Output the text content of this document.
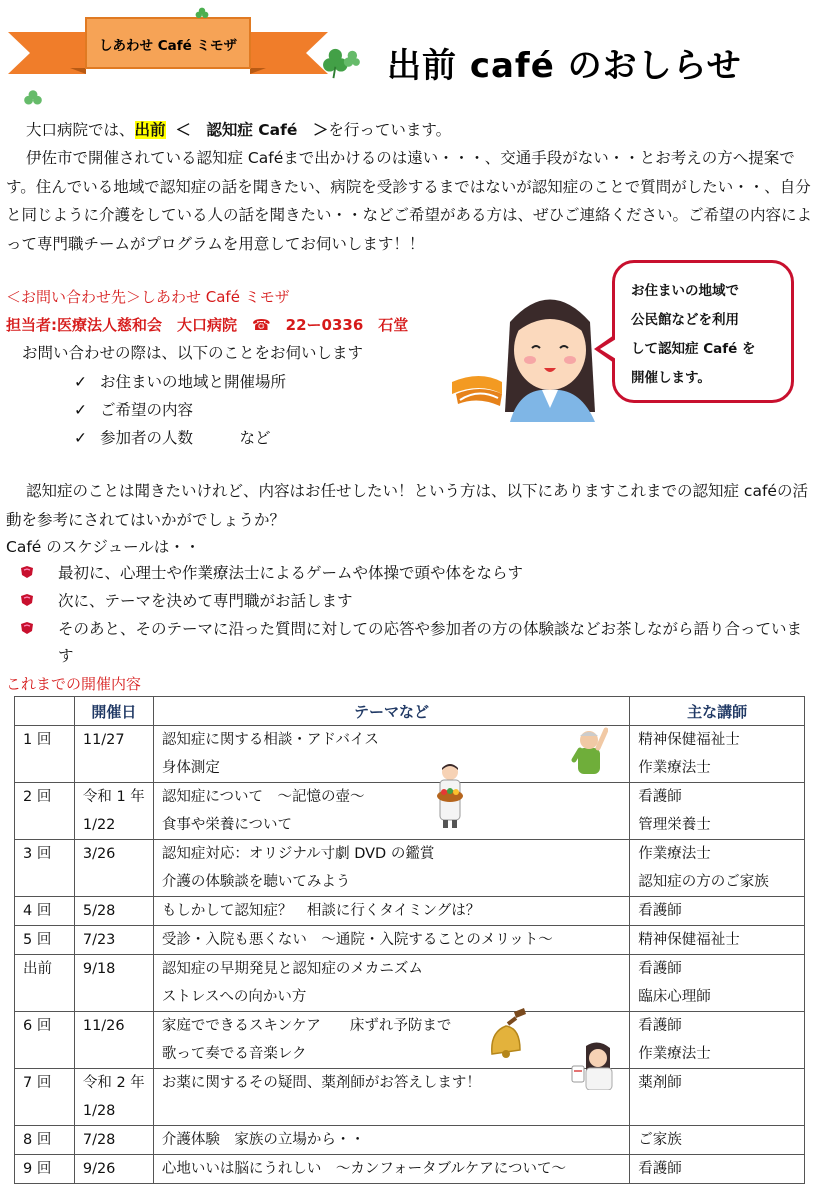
しあわせ Café ミモザ	出前 café のおしらせ
大口病院では、出前 ＜　認知症 Café　＞を行っています。
伊佐市で開催されている認知症 Caféまで出かけるのは遠い・・・、交通手段がない・・とお考えの方へ提案です。住んでいる地域で認知症の話を聞きたい、病院を受診するまではないが認知症のことで質問がしたい・・、自分と同じように介護をしている人の話を聞きたい・・などご希望がある方は、ぜひご連絡ください。ご希望の内容によって専門職チームがプログラムを用意してお伺いします！！
＜お問い合わせ先＞しあわせ Café ミモザ
担当者:医療法人慈和会　大口病院　☎　22ー0336　石堂
お問い合わせの際は、以下のことをお伺いします
✓ お住まいの地域と開催場所
✓ ご希望の内容
✓ 参加者の人数　　　など
お住まいの地域で
公民館などを利用
して認知症 Café を
開催します。
認知症のことは聞きたいけれど、内容はお任せしたい！という方は、以下にありますこれまでの認知症 caféの活動を参考にされてはいかがでしょうか？
Café のスケジュールは・・
最初に、心理士や作業療法士によるゲームや体操で頭や体をならす
次に、テーマを決めて専門職がお話します
そのあと、そのテーマに沿った質問に対しての応答や参加者の方の体験談などお茶しながら語り合っています
これまでの開催内容
	開催日	テーマなど	主な講師

1 回	11/27	認知症に関する相談・アドバイス
身体測定	精神保健福祉士
作業療法士

2 回	令和 1 年
1/22	認知症について　～記憶の壺～
食事や栄養について	看護師
管理栄養士

3 回	3/26	認知症対応：オリジナル寸劇 DVD の鑑賞
介護の体験談を聴いてみよう	作業療法士
認知症の方のご家族

4 回	5/28	もしかして認知症？　相談に行くタイミングは？	看護師

5 回	7/23	受診・入院も悪くない　～通院・入院することのメリット～	精神保健福祉士

出前	9/18	認知症の早期発見と認知症のメカニズム
ストレスへの向かい方	看護師
臨床心理師

6 回	11/26	家庭でできるスキンケア　　床ずれ予防まで
歌って奏でる音楽レク	看護師
作業療法士

7 回	令和 2 年
1/28	お薬に関するその疑問、薬剤師がお答えします！	薬剤師

8 回	7/28	介護体験　家族の立場から・・	ご家族

9 回	9/26	心地いいは脳にうれしい　～カンフォータブルケアについて～	看護師
